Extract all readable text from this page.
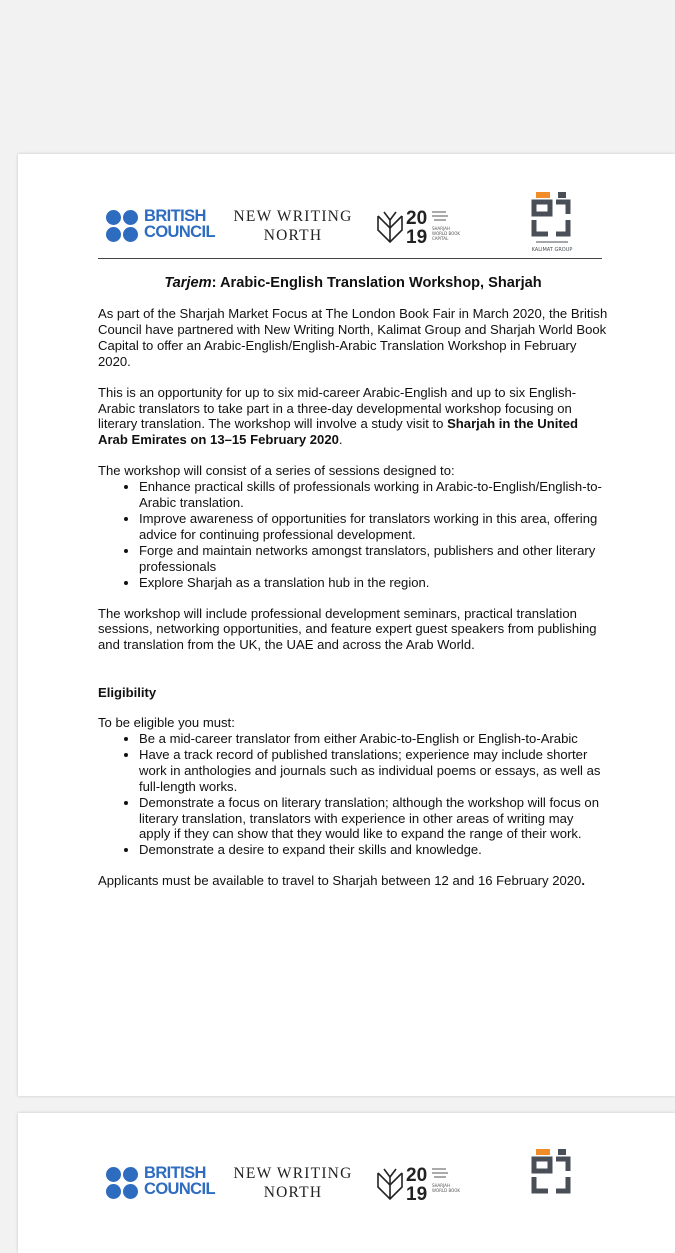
BRITISH
COUNCIL
NEW WRITING
NORTH
20
19 SHARJAH
WORLD BOOK
CAPITAL
KALIMAT GROUP
Tarjem: Arabic-English Translation Workshop, Sharjah

As part of the Sharjah Market Focus at The London Book Fair in March 2020, the British Council have partnered with New Writing North, Kalimat Group and Sharjah World Book Capital to offer an Arabic-English/English-Arabic Translation Workshop in February 2020.

This is an opportunity for up to six mid-career Arabic-English and up to six English-Arabic translators to take part in a three-day developmental workshop focusing on literary translation. The workshop will involve a study visit to Sharjah in the United Arab Emirates on 13–15 February 2020.

The workshop will consist of a series of sessions designed to:

• Enhance practical skills of professionals working in Arabic-to-English/English-to-Arabic translation.
• Improve awareness of opportunities for translators working in this area, offering advice for continuing professional development.
• Forge and maintain networks amongst translators, publishers and other literary professionals
• Explore Sharjah as a translation hub in the region.

The workshop will include professional development seminars, practical translation sessions, networking opportunities, and feature expert guest speakers from publishing and translation from the UK, the UAE and across the Arab World.

Eligibility

To be eligible you must:

• Be a mid-career translator from either Arabic-to-English or English-to-Arabic
• Have a track record of published translations; experience may include shorter work in anthologies and journals such as individual poems or essays, as well as full-length works.
• Demonstrate a focus on literary translation; although the workshop will focus on literary translation, translators with experience in other areas of writing may apply if they can show that they would like to expand the range of their work.
• Demonstrate a desire to expand their skills and knowledge.

Applicants must be available to travel to Sharjah between 12 and 16 February 2020.

BRITISH
COUNCIL
NEW WRITING
NORTH
20
19 SHARJAH
WORLD BOOK
